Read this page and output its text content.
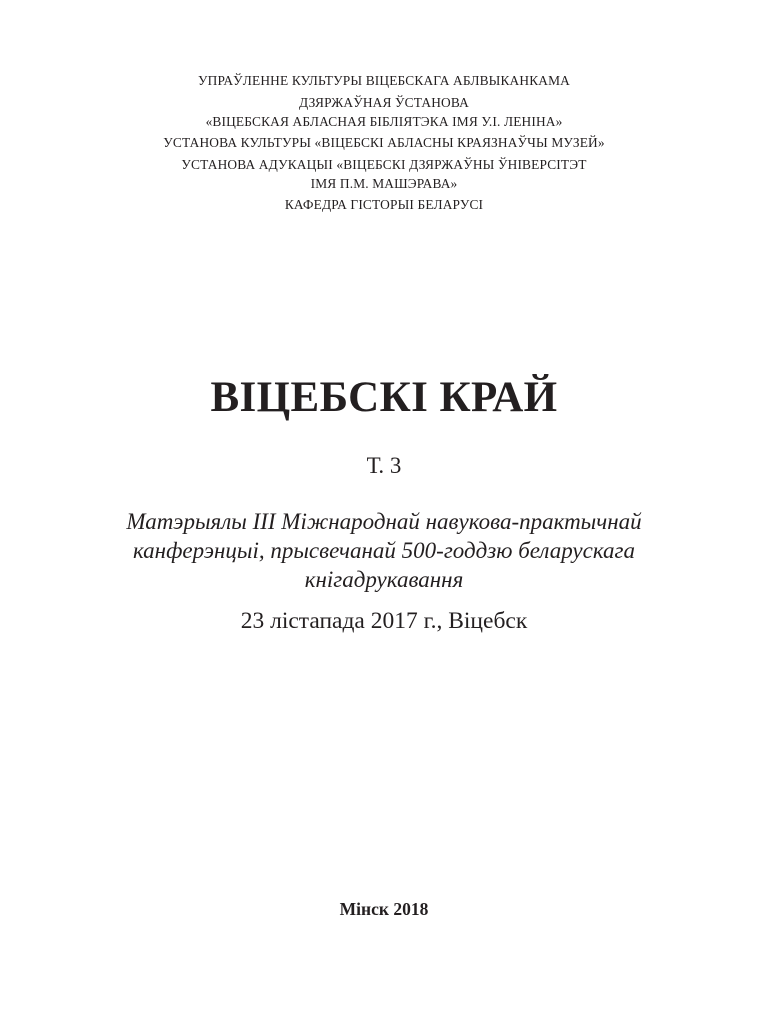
УПРАЎЛЕННЕ КУЛЬТУРЫ ВІЦЕБСКАГА АБЛВЫКАНКАМА

ДЗЯРЖАЎНАЯ ЎСТАНОВА

«ВІЦЕБСКАЯ АБЛАСНАЯ БІБЛІЯТЭКА ІМЯ У.І. ЛЕНІНА»

УСТАНОВА КУЛЬТУРЫ «ВІЦЕБСКІ АБЛАСНЫ КРАЯЗНАЎЧЫ МУЗЕЙ»

УСТАНОВА АДУКАЦЫІ «ВІЦЕБСКІ ДЗЯРЖАЎНЫ ЎНІВЕРСІТЭТ

ІМЯ П.М. МАШЭРАВА»

КАФЕДРА ГІСТОРЫІ БЕЛАРУСІ

ВІЦЕБСКІ КРАЙ

Т. 3

Матэрыялы ІІІ Міжнароднай навукова-практычнай
канферэнцыі, прысвечанай 500-годдзю беларускага
кнігадрукавання

23 лістапада 2017 г., Віцебск

Мінск 2018
